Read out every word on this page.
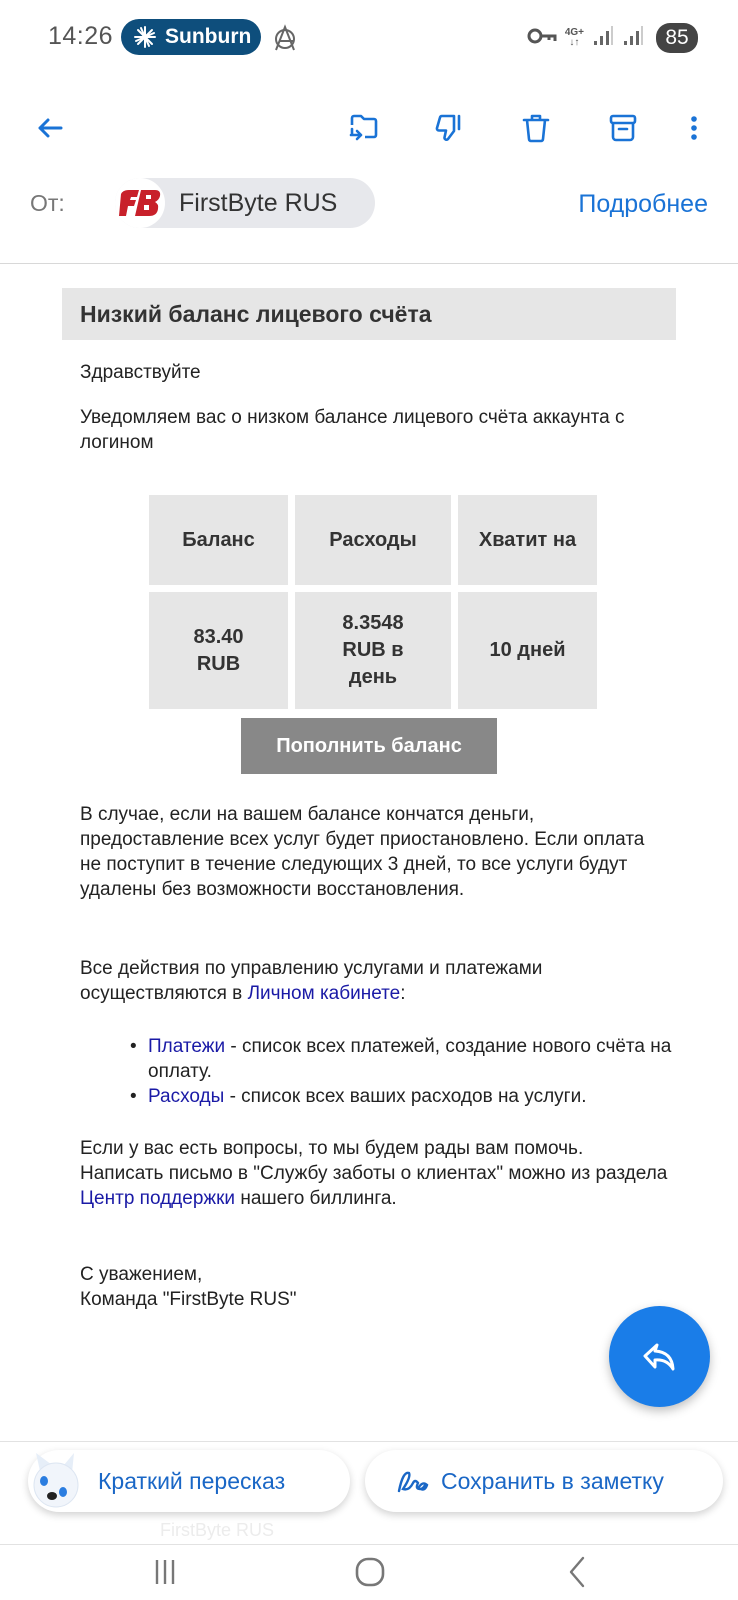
14:26 Sunburn	4G+
↓↑	85
От:	FirstByte RUS	Подробнее
Низкий баланс лицевого счёта

Здравствуйте

Уведомляем вас о низком балансе лицевого счёта аккаунта с логином

Баланс	Расходы	Хватит на
83.40 RUB	8.3548 RUB в день	10 дней
Пополнить баланс

В случае, если на вашем балансе кончатся деньги, предоставление всех услуг будет приостановлено. Если оплата не поступит в течение следующих 3 дней, то все услуги будут удалены без возможности восстановления.

Все действия по управлению услугами и платежами осуществляются в Личном кабинете:

• Платежи - список всех платежей, создание нового счёта на оплату.
• Расходы - список всех ваших расходов на услуги.

Если у вас есть вопросы, то мы будем рады вам помочь. Написать письмо в "Службу заботы о клиентах" можно из раздела Центр поддержки нашего биллинга.

С уважением,
Команда "FirstByte RUS"

FirstByte RUS
Краткий пересказ	Сохранить в заметку
